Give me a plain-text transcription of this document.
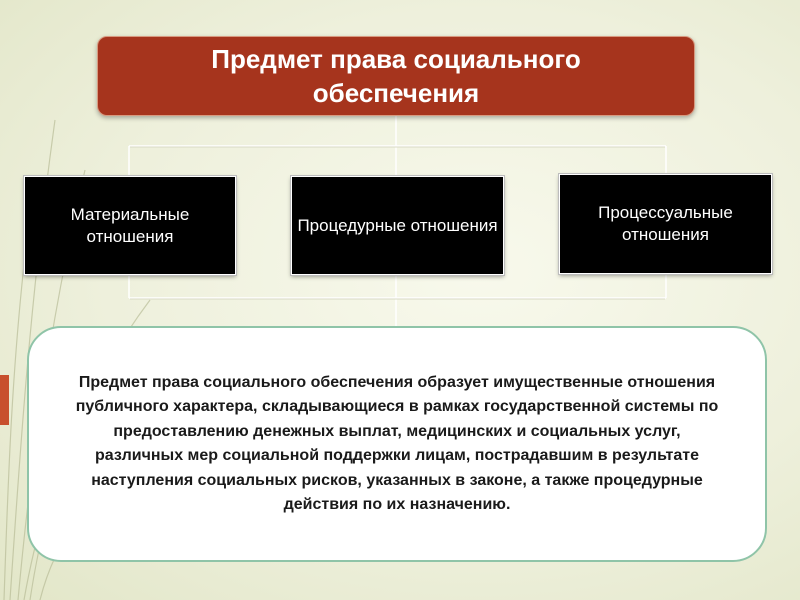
Предмет права социального обеспечения
Материальные отношения
Процедурные отношения
Процессуальные отношения
Предмет права социального обеспечения образует имущественные отношения публичного характера, складывающиеся в рамках государственной системы по предоставлению денежных выплат, медицинских и социальных услуг, различных мер социальной поддержки лицам, пострадавшим в результате наступления социальных рисков, указанных в законе, а также процедурные действия по их назначению.
